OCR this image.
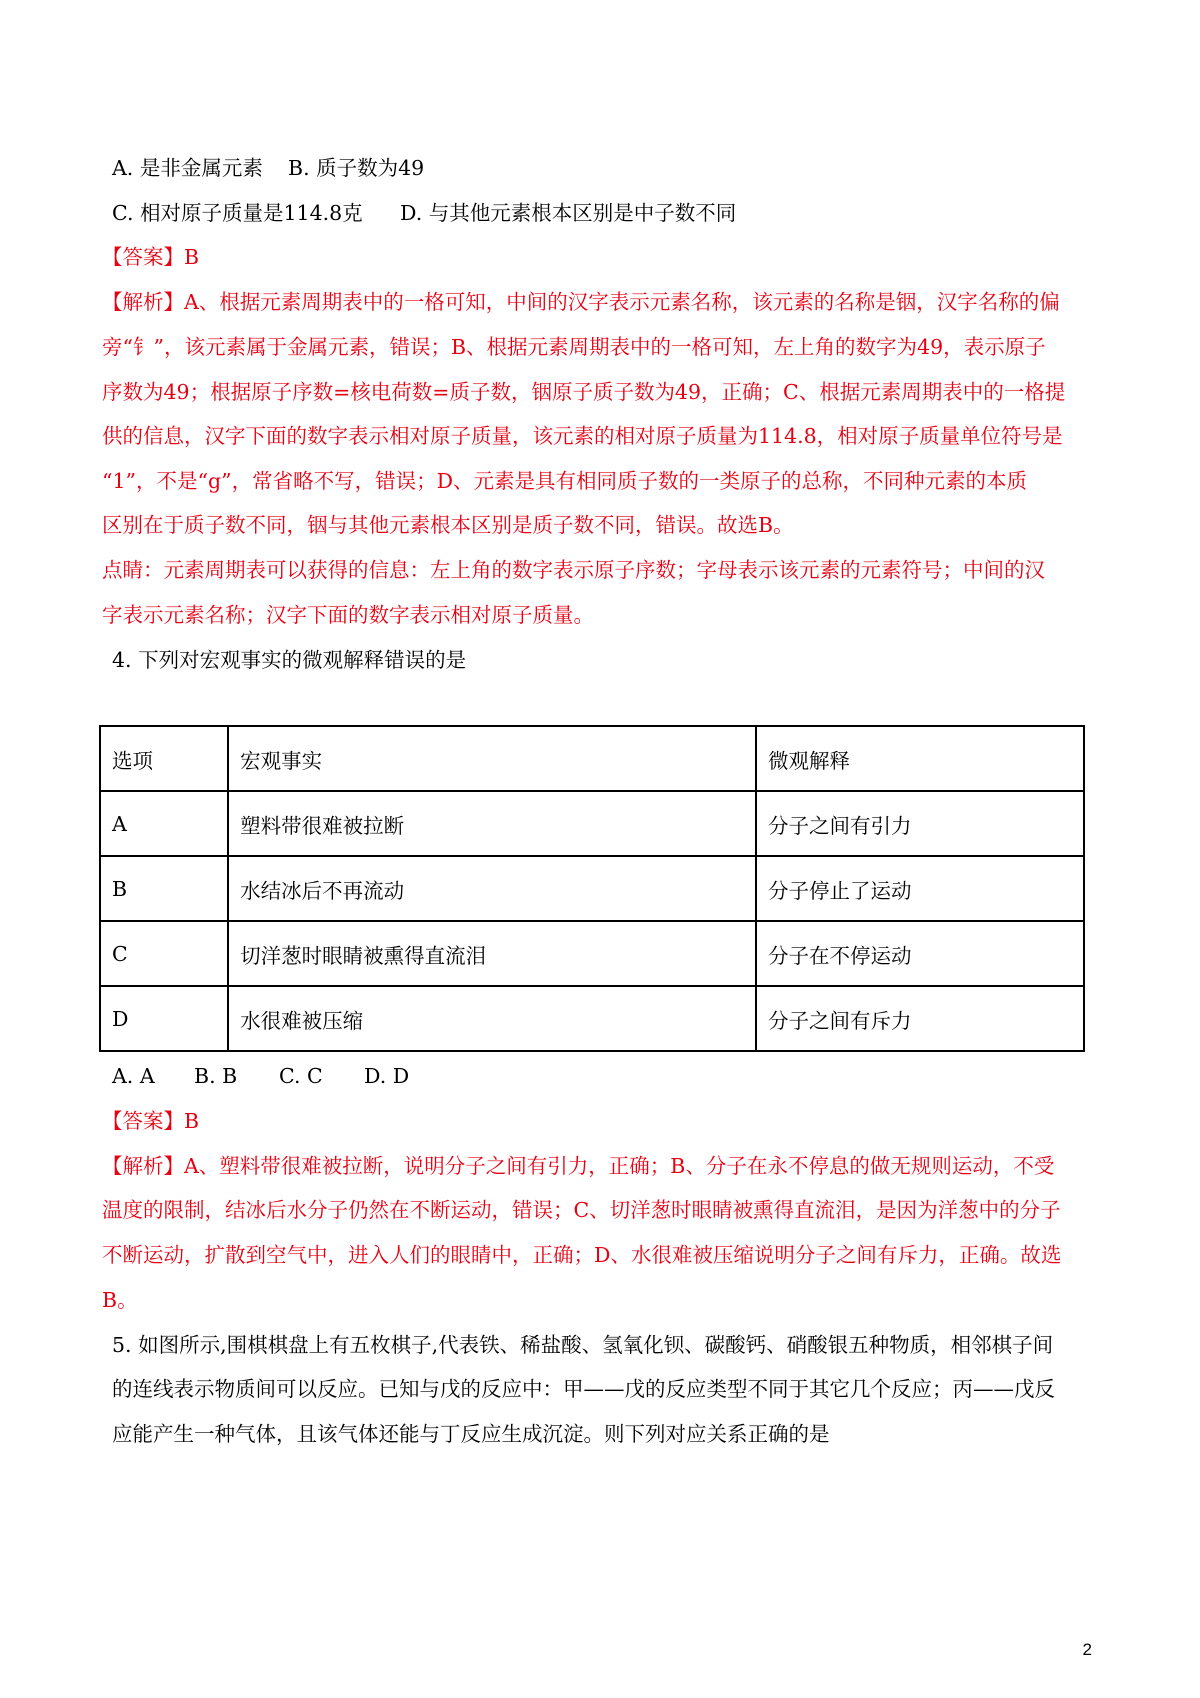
A. 是非金属元素 B. 质子数为49
C. 相对原子质量是114.8克 D. 与其他元素根本区别是中子数不同
【答案】B
【解析】A、根据元素周期表中的一格可知，中间的汉字表示元素名称，该元素的名称是铟，汉字名称的偏
旁“钅”，该元素属于金属元素，错误；B、根据元素周期表中的一格可知，左上角的数字为49，表示原子
序数为49；根据原子序数=核电荷数=质子数，铟原子质子数为49，正确；C、根据元素周期表中的一格提
供的信息，汉字下面的数字表示相对原子质量，该元素的相对原子质量为114.8，相对原子质量单位符号是
“1”，不是“g”，常省略不写，错误；D、元素是具有相同质子数的一类原子的总称，不同种元素的本质
区别在于质子数不同，铟与其他元素根本区别是质子数不同，错误。故选B。
点睛：元素周期表可以获得的信息：左上角的数字表示原子序数；字母表示该元素的元素符号；中间的汉
字表示元素名称；汉字下面的数字表示相对原子质量。
4. 下列对宏观事实的微观解释错误的是
选项	宏观事实	微观解释
A	塑料带很难被拉断	分子之间有引力
B	水结冰后不再流动	分子停止了运动
C	切洋葱时眼睛被熏得直流泪	分子在不停运动
D	水很难被压缩	分子之间有斥力
A. A B. B C. C D. D
【答案】B
【解析】A、塑料带很难被拉断，说明分子之间有引力，正确；B、分子在永不停息的做无规则运动，不受
温度的限制，结冰后水分子仍然在不断运动，错误；C、切洋葱时眼睛被熏得直流泪，是因为洋葱中的分子
不断运动，扩散到空气中，进入人们的眼睛中，正确；D、水很难被压缩说明分子之间有斥力，正确。故选
B。
5. 如图所示,围棋棋盘上有五枚棋子,代表铁、稀盐酸、氢氧化钡、碳酸钙、硝酸银五种物质，相邻棋子间
的连线表示物质间可以反应。已知与戊的反应中：甲——戊的反应类型不同于其它几个反应；丙——戊反
应能产生一种气体，且该气体还能与丁反应生成沉淀。则下列对应关系正确的是
2
